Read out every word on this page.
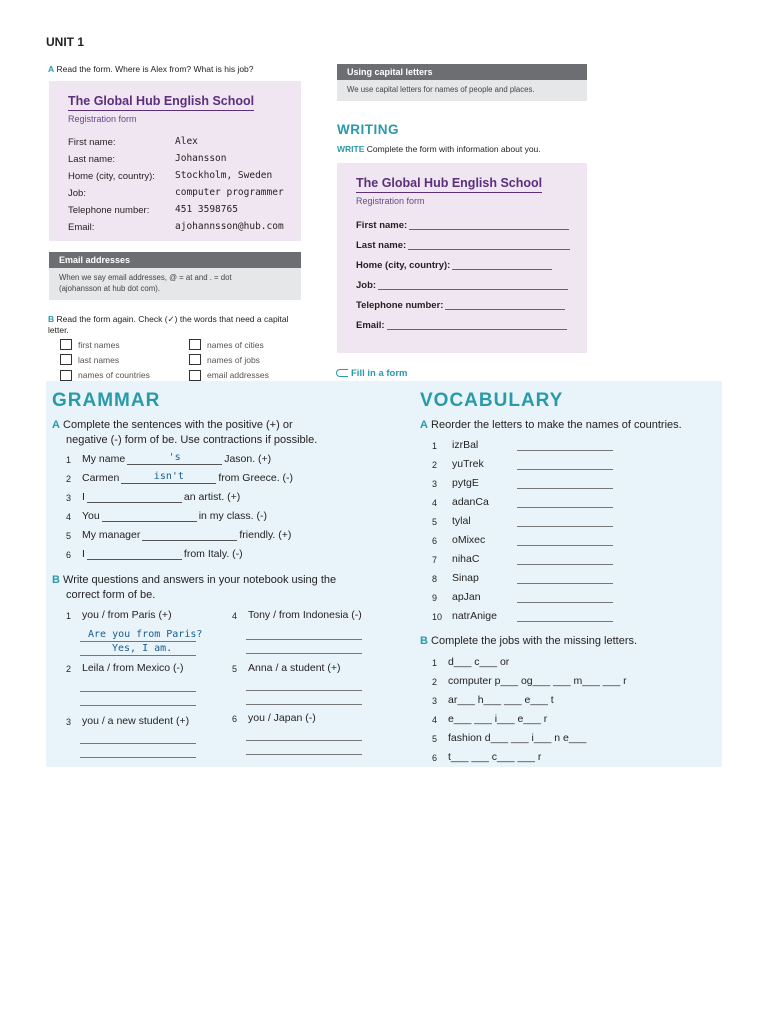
UNIT 1
A Read the form. Where is Alex from? What is his job?
The Global Hub English School
Registration form
First name:	Alex
Last name:	Johansson
Home (city, country): Stockholm, Sweden
Job:	computer programmer
Telephone number:	451 3598765
Email:	ajohannsson@hub.com
Email addresses
When we say email addresses, @ = at and . = dot
(ajohansson at hub dot com).
B Read the form again. Check (✓) the words that need a capital letter.
first names	names of cities
last names	names of jobs
names of countries	email addresses
Using capital letters
We use capital letters for names of people and places.
WRITING
WRITE Complete the form with information about you.
The Global Hub English School
Registration form
First name:
Last name:
Home (city, country):
Job:
Telephone number:
Email:
Fill in a form
GRAMMAR
A Complete the sentences with the positive (+) or
negative (-) form of be. Use contractions if possible.
1	My name	's	Jason. (+)
2	Carmen	isn't	from Greece. (-)
3	I	an artist. (+)
4	You	in my class. (-)
5	My manager	friendly. (+)
6	I	from Italy. (-)
B Write questions and answers in your notebook using the
correct form of be.
1	you / from Paris (+)
Are you from Paris?
Yes, I am.
4	Tony / from Indonesia (-)
2	Leila / from Mexico (-)	5	Anna / a student (+)
3	you / a new student (+)	6	you / Japan (-)
VOCABULARY
A Reorder the letters to make the names of countries.
1	izrBal
2	yuTrek
3	pytgE
4	adanCa
5	tylal
6	oMixec
7	nihaC
8	Sinap
9	apJan
10 natrAnige
B Complete the jobs with the missing letters.
1	d___ c___ or
2	computer p___ og___ ___ m___ ___ r
3	ar___ h___ ___ e___ t
4	e___ ___ i___ e___ r
5	fashion d___ ___ i___ n e___
6	t___ ___ c___ ___ r
